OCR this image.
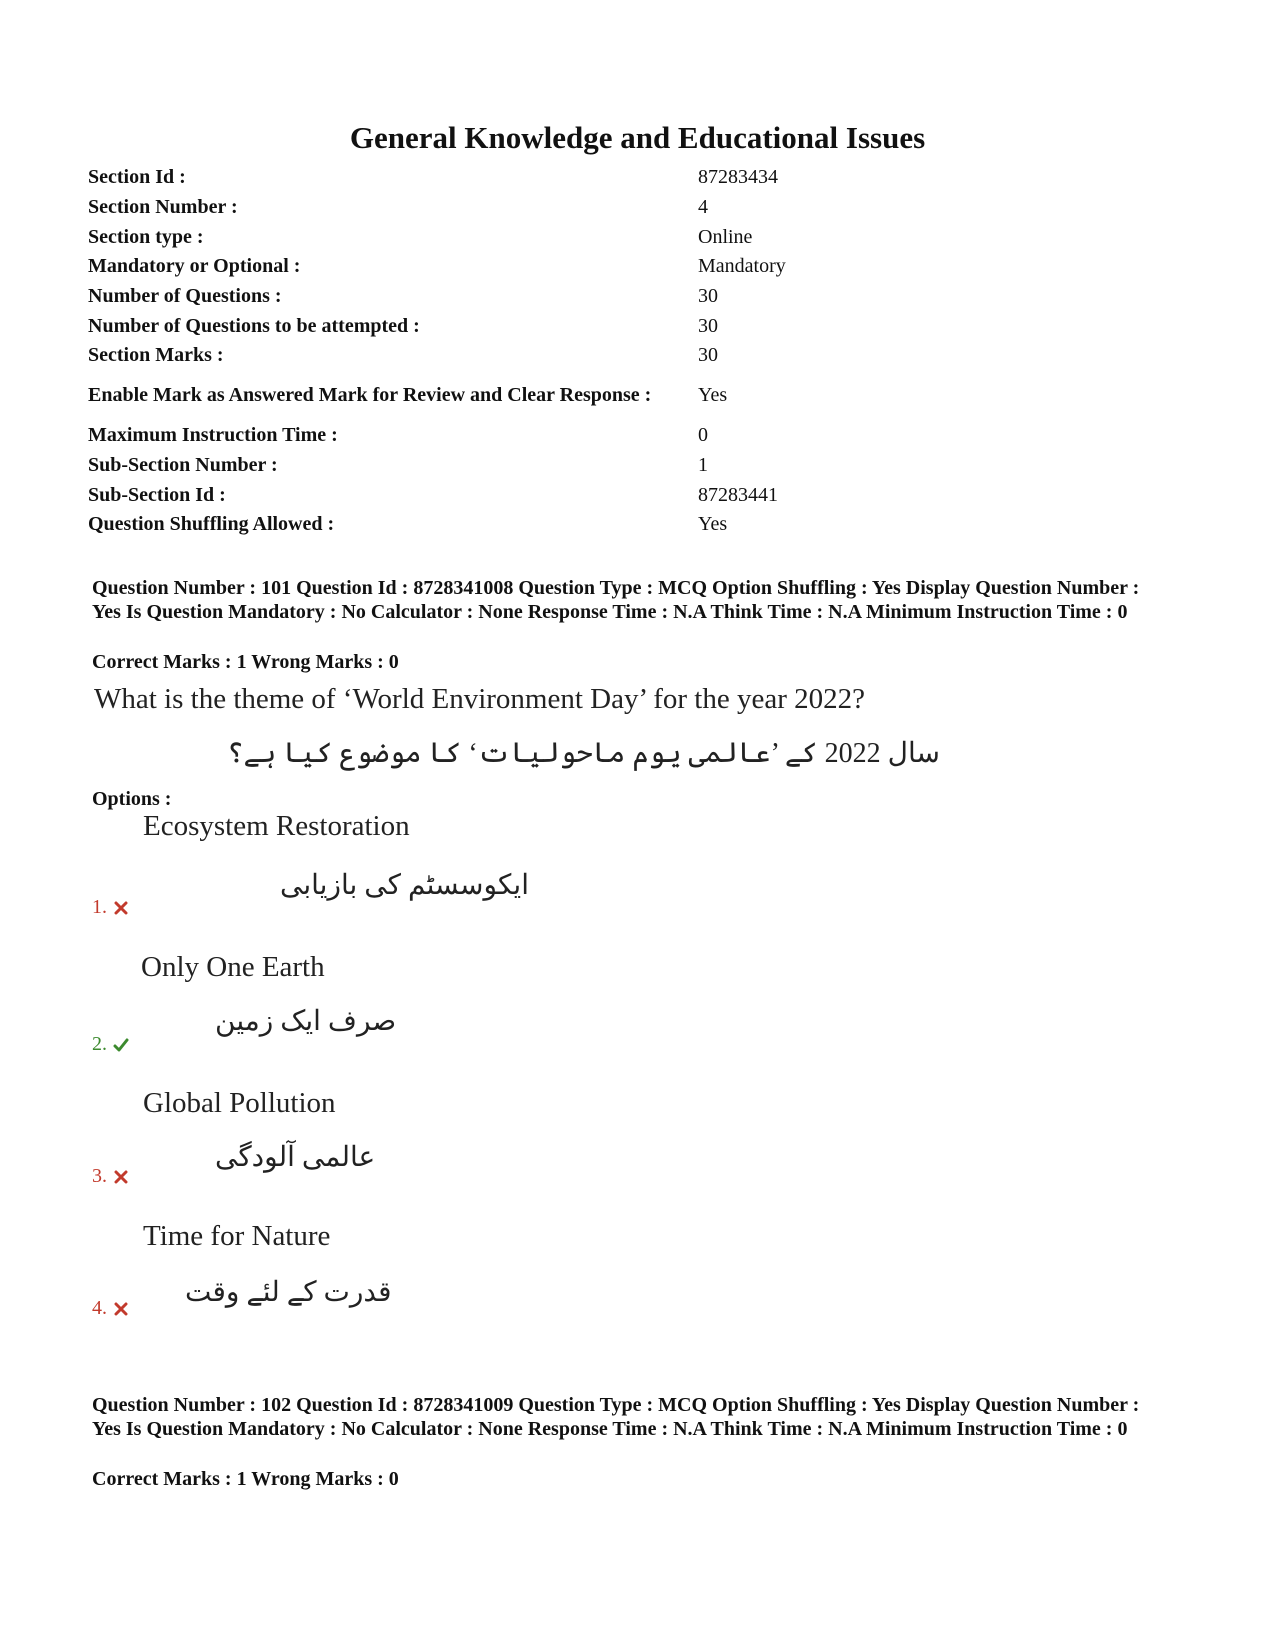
General Knowledge and Educational Issues
Section Id :	87283434
Section Number :	4
Section type :	Online
Mandatory or Optional :	Mandatory
Number of Questions :	30
Number of Questions to be attempted :	30
Section Marks :	30
Enable Mark as Answered Mark for Review and Clear Response :	Yes
Maximum Instruction Time :	0
Sub-Section Number :	1
Sub-Section Id :	87283441
Question Shuffling Allowed :	Yes
Question Number : 101 Question Id : 8728341008 Question Type : MCQ Option Shuffling : Yes Display Question Number : Yes Is Question Mandatory : No Calculator : None Response Time : N.A Think Time : N.A Minimum Instruction Time : 0
Correct Marks : 1 Wrong Marks : 0
What is the theme of ‘World Environment Day’ for the year 2022?
سال 2022 کے ’عالمی یوم ماحولیات‘ کا موضوع کیا ہے؟
Options :
Ecosystem Restoration
ایکوسسٹم کی بازیابی
1.
Only One Earth
صرف ایک زمین
2.
Global Pollution
عالمی آلودگی
3.
Time for Nature
قدرت کے لئے وقت
4.
Question Number : 102 Question Id : 8728341009 Question Type : MCQ Option Shuffling : Yes Display Question Number : Yes Is Question Mandatory : No Calculator : None Response Time : N.A Think Time : N.A Minimum Instruction Time : 0
Correct Marks : 1 Wrong Marks : 0
